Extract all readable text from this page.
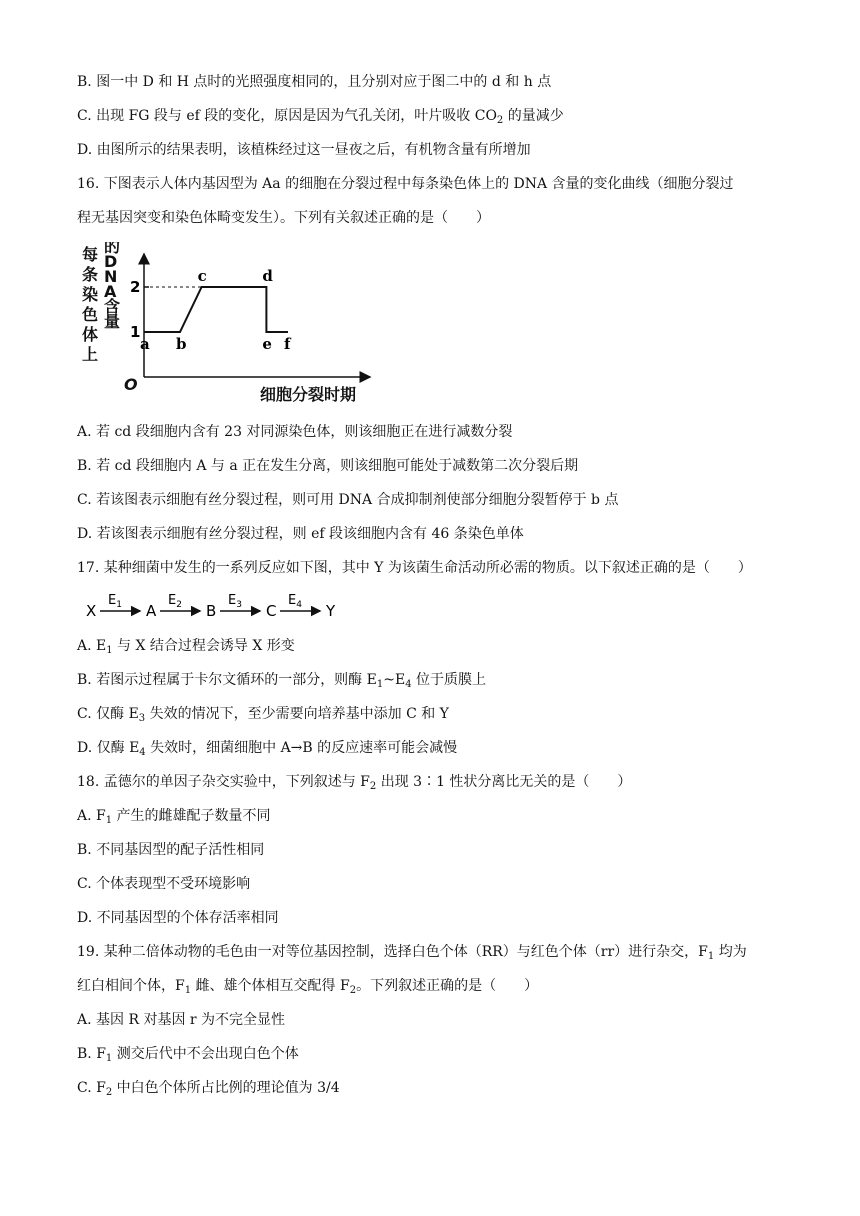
B. 图一中 D 和 H 点时的光照强度相同的，且分别对应于图二中的 d 和 h 点
C. 出现 FG 段与 ef 段的变化，原因是因为气孔关闭，叶片吸收 $CO_2$ 的量减少
D. 由图所示的结果表明，该植株经过这一昼夜之后，有机物含量有所增加
16. 下图表示人体内基因型为 Aa 的细胞在分裂过程中每条染色体上的 DNA 含量的变化曲线（细胞分裂过
程无基因突变和染色体畸变发生）。下列有关叙述正确的是（　　）
每条染色体上
的 D N A 含量
O
细胞分裂时期
1
2
a b
c	d
e f
A. 若 cd 段细胞内含有 23 对同源染色体，则该细胞正在进行减数分裂
B. 若 cd 段细胞内 A 与 a 正在发生分离，则该细胞可能处于减数第二次分裂后期
C. 若该图表示细胞有丝分裂过程，则可用 DNA 合成抑制剂使部分细胞分裂暂停于 b 点
D. 若该图表示细胞有丝分裂过程，则 ef 段该细胞内含有 46 条染色单体
17. 某种细菌中发生的一系列反应如下图，其中 Y 为该菌生命活动所必需的物质。以下叙述正确的是（　　）
X
$E_1$ A
$E_2$ B
$E_3$ C
$E_4$ Y
A. $E_1$ 与 X 结合过程会诱导 X 形变
B. 若图示过程属于卡尔文循环的一部分，则酶 $E_1\sim E_4$ 位于质膜上
C. 仅酶 $E_3$ 失效的情况下，至少需要向培养基中添加 C 和 Y
D. 仅酶 $E_4$ 失效时，细菌细胞中 A→B 的反应速率可能会减慢
18. 孟德尔的单因子杂交实验中，下列叙述与 $F_2$ 出现 3∶1 性状分离比无关的是（　　）
A. $F_1$ 产生的雌雄配子数量不同
B. 不同基因型的配子活性相同
C. 个体表现型不受环境影响
D. 不同基因型的个体存活率相同
19. 某种二倍体动物的毛色由一对等位基因控制，选择白色个体（RR）与红色个体（rr）进行杂交，$F_1$ 均为
红白相间个体，$F_1$ 雌、雄个体相互交配得 $F_2$。下列叙述正确的是（　　）
A. 基因 R 对基因 r 为不完全显性
B. $F_1$ 测交后代中不会出现白色个体
C. $F_2$ 中白色个体所占比例的理论值为 3/4
